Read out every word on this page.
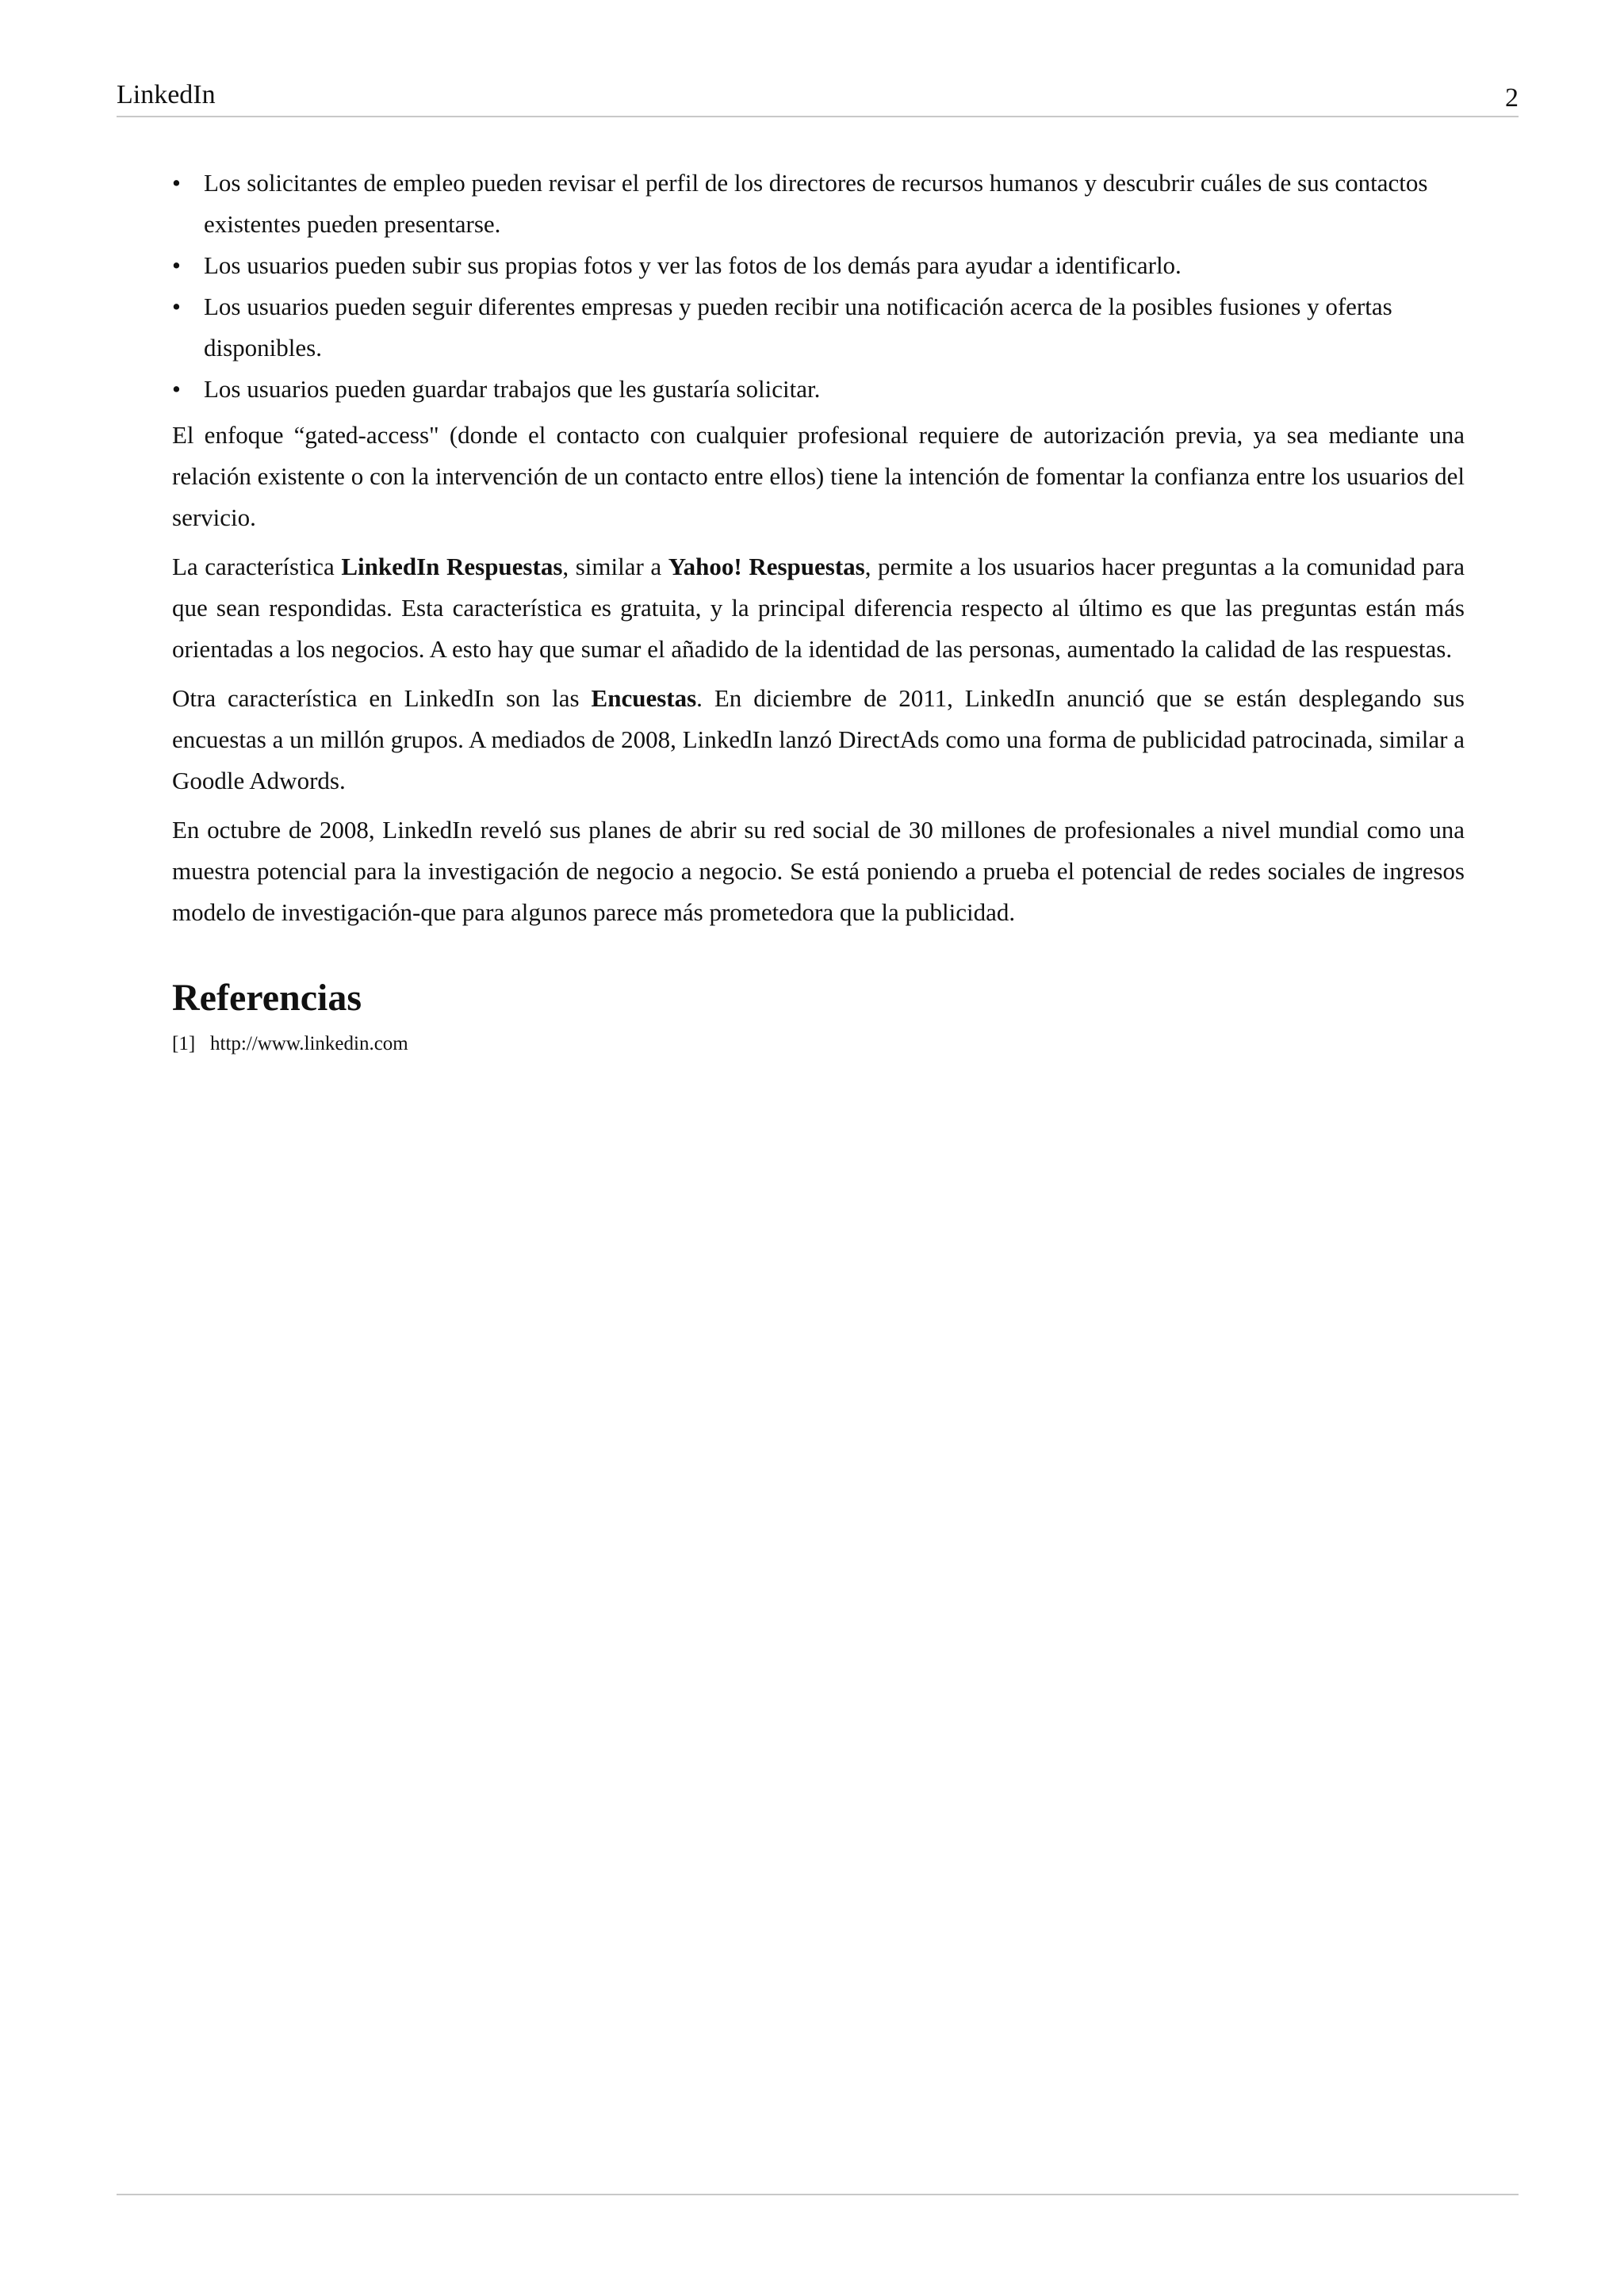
LinkedIn	2
• Los solicitantes de empleo pueden revisar el perfil de los directores de recursos humanos y descubrir cuáles de sus contactos existentes pueden presentarse.
• Los usuarios pueden subir sus propias fotos y ver las fotos de los demás para ayudar a identificarlo.
• Los usuarios pueden seguir diferentes empresas y pueden recibir una notificación acerca de la posibles fusiones y ofertas disponibles.
• Los usuarios pueden guardar trabajos que les gustaría solicitar.

El enfoque “gated-access" (donde el contacto con cualquier profesional requiere de autorización previa, ya sea mediante una relación existente o con la intervención de un contacto entre ellos) tiene la intención de fomentar la confianza entre los usuarios del servicio.

La característica LinkedIn Respuestas, similar a Yahoo! Respuestas, permite a los usuarios hacer preguntas a la comunidad para que sean respondidas. Esta característica es gratuita, y la principal diferencia respecto al último es que las preguntas están más orientadas a los negocios. A esto hay que sumar el añadido de la identidad de las personas, aumentado la calidad de las respuestas.

Otra característica en LinkedIn son las Encuestas. En diciembre de 2011, LinkedIn anunció que se están desplegando sus encuestas a un millón grupos. A mediados de 2008, LinkedIn lanzó DirectAds como una forma de publicidad patrocinada, similar a Goodle Adwords.

En octubre de 2008, LinkedIn reveló sus planes de abrir su red social de 30 millones de profesionales a nivel mundial como una muestra potencial para la investigación de negocio a negocio. Se está poniendo a prueba el potencial de redes sociales de ingresos modelo de investigación-que para algunos parece más prometedora que la publicidad.

Referencias
[1] http://www.linkedin.com
